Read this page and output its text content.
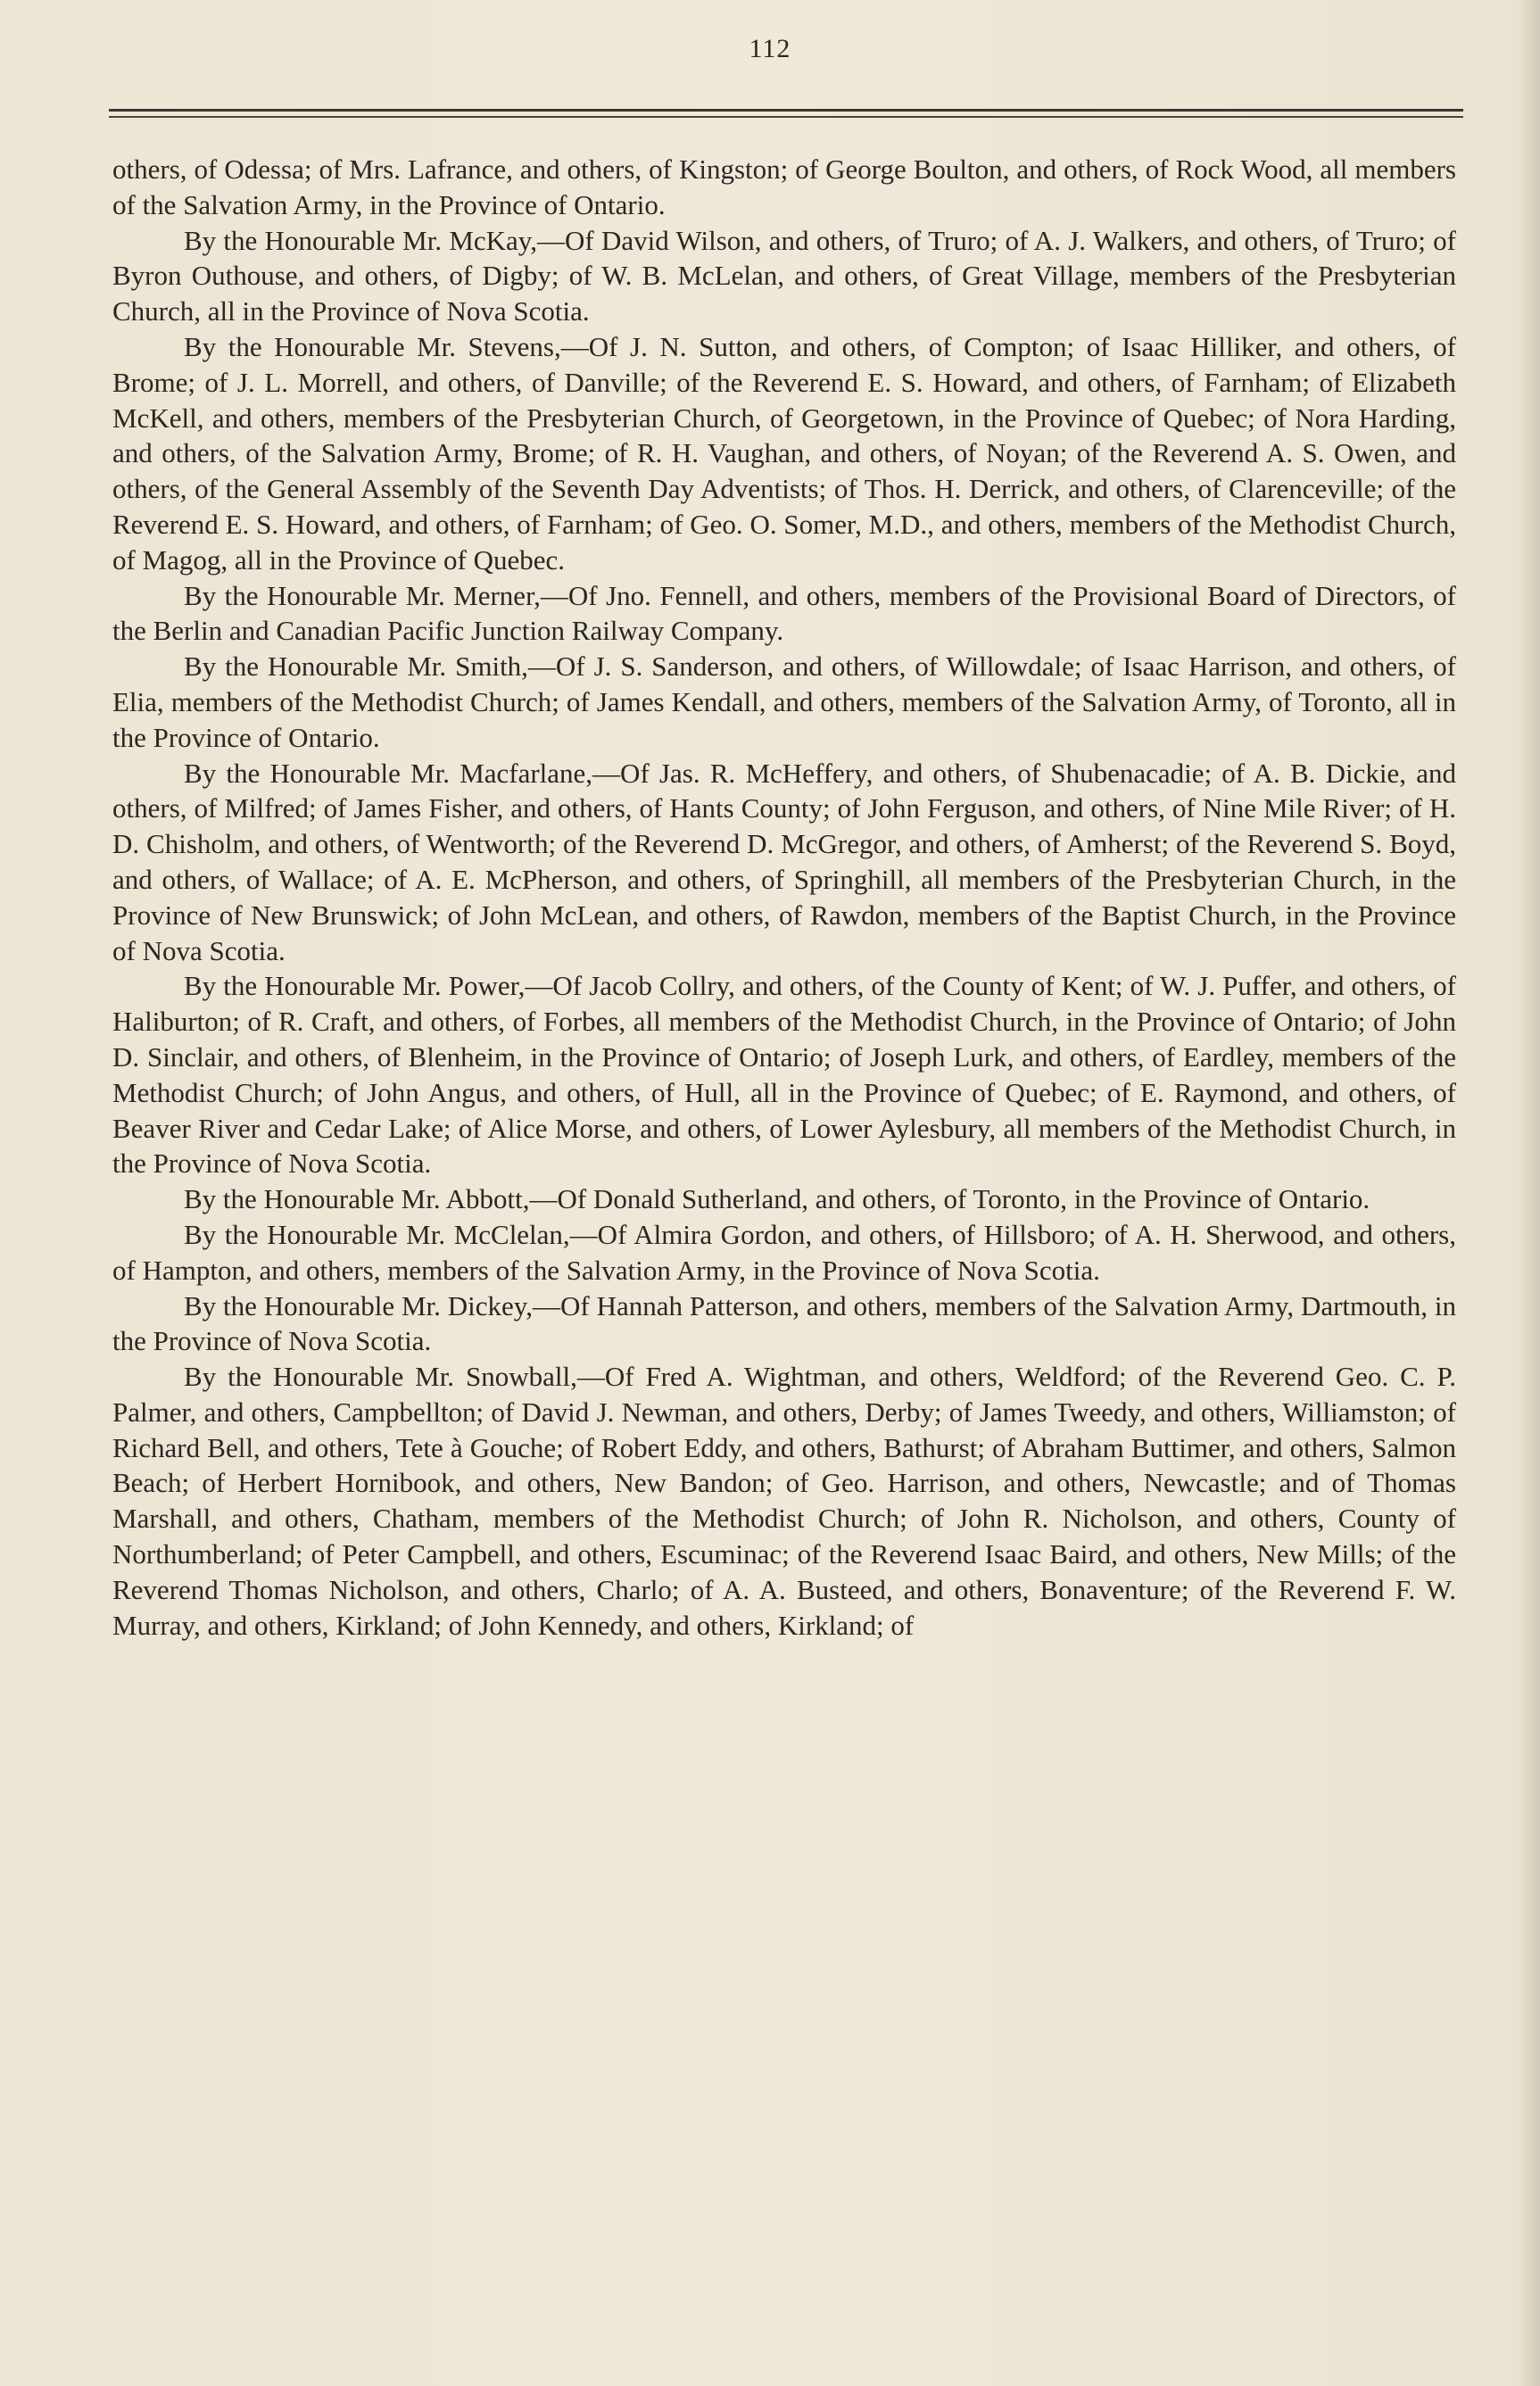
112

others, of Odessa; of Mrs. Lafrance, and others, of Kingston; of George Boulton, and others, of Rock Wood, all members of the Salvation Army, in the Province of Ontario.

By the Honourable Mr. McKay,—Of David Wilson, and others, of Truro; of A. J. Walkers, and others, of Truro; of Byron Outhouse, and others, of Digby; of W. B. McLelan, and others, of Great Village, members of the Presbyterian Church, all in the Province of Nova Scotia.

By the Honourable Mr. Stevens,—Of J. N. Sutton, and others, of Compton; of Isaac Hilliker, and others, of Brome; of J. L. Morrell, and others, of Danville; of the Reverend E. S. Howard, and others, of Farnham; of Elizabeth McKell, and others, members of the Presbyterian Church, of Georgetown, in the Province of Quebec; of Nora Harding, and others, of the Salvation Army, Brome; of R. H. Vaughan, and others, of Noyan; of the Reverend A. S. Owen, and others, of the General Assembly of the Seventh Day Adventists; of Thos. H. Derrick, and others, of Clarenceville; of the Reverend E. S. Howard, and others, of Farnham; of Geo. O. Somer, M.D., and others, members of the Methodist Church, of Magog, all in the Province of Quebec.

By the Honourable Mr. Merner,—Of Jno. Fennell, and others, members of the Provisional Board of Directors, of the Berlin and Canadian Pacific Junction Railway Company.

By the Honourable Mr. Smith,—Of J. S. Sanderson, and others, of Willowdale; of Isaac Harrison, and others, of Elia, members of the Methodist Church; of James Kendall, and others, members of the Salvation Army, of Toronto, all in the Province of Ontario.

By the Honourable Mr. Macfarlane,—Of Jas. R. McHeffery, and others, of Shubenacadie; of A. B. Dickie, and others, of Milfred; of James Fisher, and others, of Hants County; of John Ferguson, and others, of Nine Mile River; of H. D. Chisholm, and others, of Wentworth; of the Reverend D. McGregor, and others, of Amherst; of the Reverend S. Boyd, and others, of Wallace; of A. E. McPherson, and others, of Springhill, all members of the Presbyterian Church, in the Province of New Brunswick; of John McLean, and others, of Rawdon, members of the Baptist Church, in the Province of Nova Scotia.

By the Honourable Mr. Power,—Of Jacob Collry, and others, of the County of Kent; of W. J. Puffer, and others, of Haliburton; of R. Craft, and others, of Forbes, all members of the Methodist Church, in the Province of Ontario; of John D. Sinclair, and others, of Blenheim, in the Province of Ontario; of Joseph Lurk, and others, of Eardley, members of the Methodist Church; of John Angus, and others, of Hull, all in the Province of Quebec; of E. Raymond, and others, of Beaver River and Cedar Lake; of Alice Morse, and others, of Lower Aylesbury, all members of the Methodist Church, in the Province of Nova Scotia.

By the Honourable Mr. Abbott,—Of Donald Sutherland, and others, of Toronto, in the Province of Ontario.

By the Honourable Mr. McClelan,—Of Almira Gordon, and others, of Hillsboro; of A. H. Sherwood, and others, of Hampton, and others, members of the Salvation Army, in the Province of Nova Scotia.

By the Honourable Mr. Dickey,—Of Hannah Patterson, and others, members of the Salvation Army, Dartmouth, in the Province of Nova Scotia.

By the Honourable Mr. Snowball,—Of Fred A. Wightman, and others, Weldford; of the Reverend Geo. C. P. Palmer, and others, Campbellton; of David J. Newman, and others, Derby; of James Tweedy, and others, Williamston; of Richard Bell, and others, Tete à Gouche; of Robert Eddy, and others, Bathurst; of Abraham Buttimer, and others, Salmon Beach; of Herbert Hornibook, and others, New Bandon; of Geo. Harrison, and others, Newcastle; and of Thomas Marshall, and others, Chatham, members of the Methodist Church; of John R. Nicholson, and others, County of Northumberland; of Peter Campbell, and others, Escuminac; of the Reverend Isaac Baird, and others, New Mills; of the Reverend Thomas Nicholson, and others, Charlo; of A. A. Busteed, and others, Bonaventure; of the Reverend F. W. Murray, and others, Kirkland; of John Kennedy, and others, Kirkland; of
